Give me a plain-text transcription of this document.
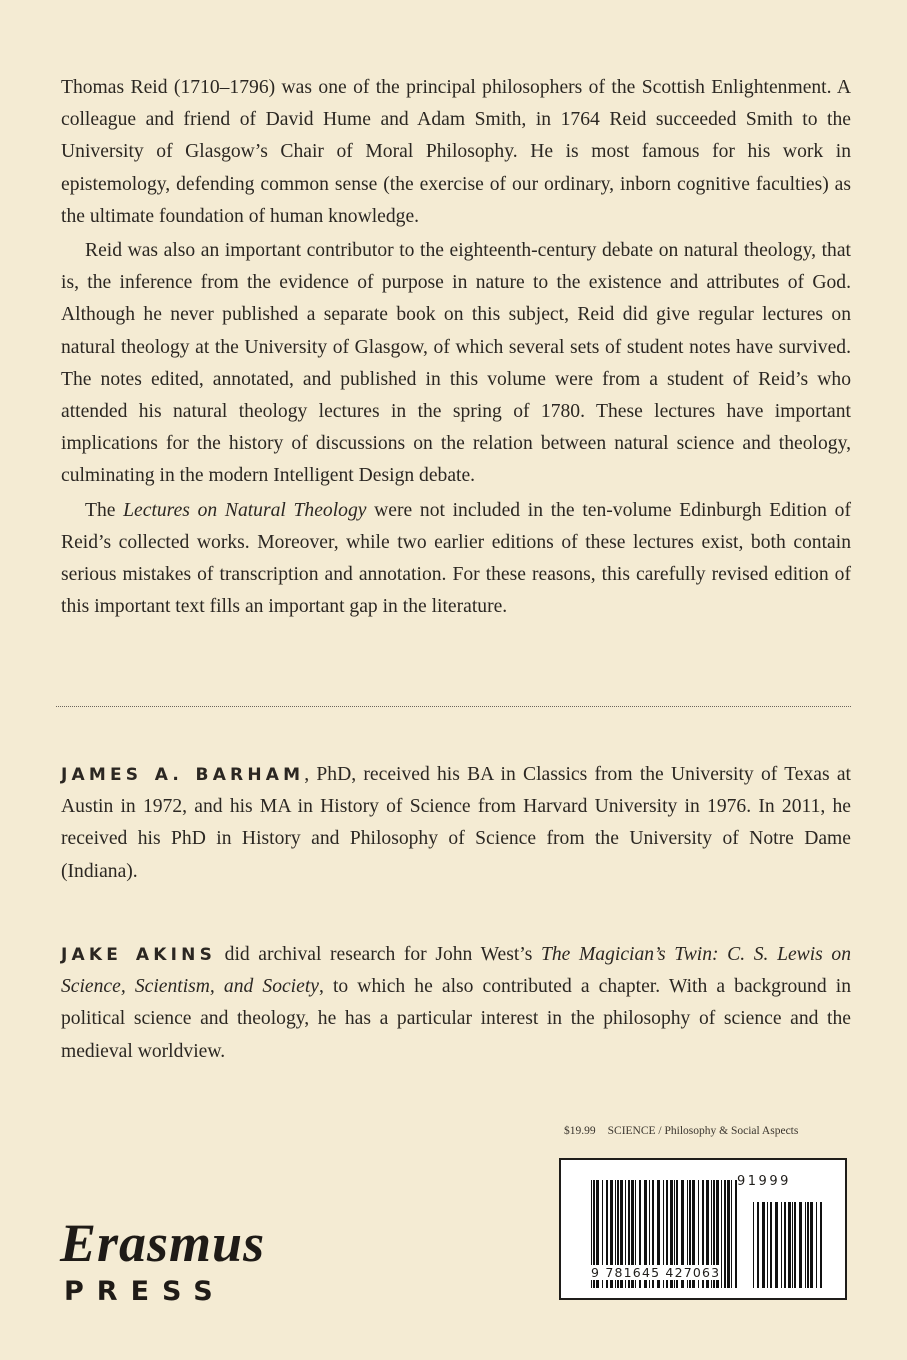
Thomas Reid (1710–1796) was one of the principal philosophers of the Scottish Enlightenment. A colleague and friend of David Hume and Adam Smith, in 1764 Reid succeeded Smith to the University of Glasgow’s Chair of Moral Philosophy. He is most famous for his work in epistemology, defending common sense (the exercise of our ordinary, inborn cognitive faculties) as the ultimate foundation of human knowledge.

Reid was also an important contributor to the eighteenth-century debate on natural theology, that is, the inference from the evidence of purpose in nature to the existence and attributes of God. Although he never published a separate book on this subject, Reid did give regular lectures on natural theology at the University of Glasgow, of which several sets of student notes have survived. The notes edited, annotated, and published in this volume were from a student of Reid’s who attended his natural theology lectures in the spring of 1780. These lectures have important implications for the history of discussions on the relation between natural science and theology, culminating in the modern Intelligent Design debate.

The Lectures on Natural Theology were not included in the ten-volume Edinburgh Edition of Reid’s collected works. Moreover, while two earlier editions of these lectures exist, both contain serious mistakes of transcription and annotation. For these reasons, this carefully revised edition of this important text fills an important gap in the literature.

JAMES A. BARHAM, PhD, received his BA in Classics from the University of Texas at Austin in 1972, and his MA in History of Science from Harvard University in 1976. In 2011, he received his PhD in History and Philosophy of Science from the University of Notre Dame (Indiana).
JAKE AKINS did archival research for John West’s The Magician’s Twin: C. S. Lewis on Science, Scientism, and Society, to which he also contributed a chapter. With a background in political science and theology, he has a particular interest in the philosophy of science and the medieval worldview.
$19.99 SCIENCE / Philosophy & Social Aspects
9 781645 427063
91999
Erasmus
PRESS
